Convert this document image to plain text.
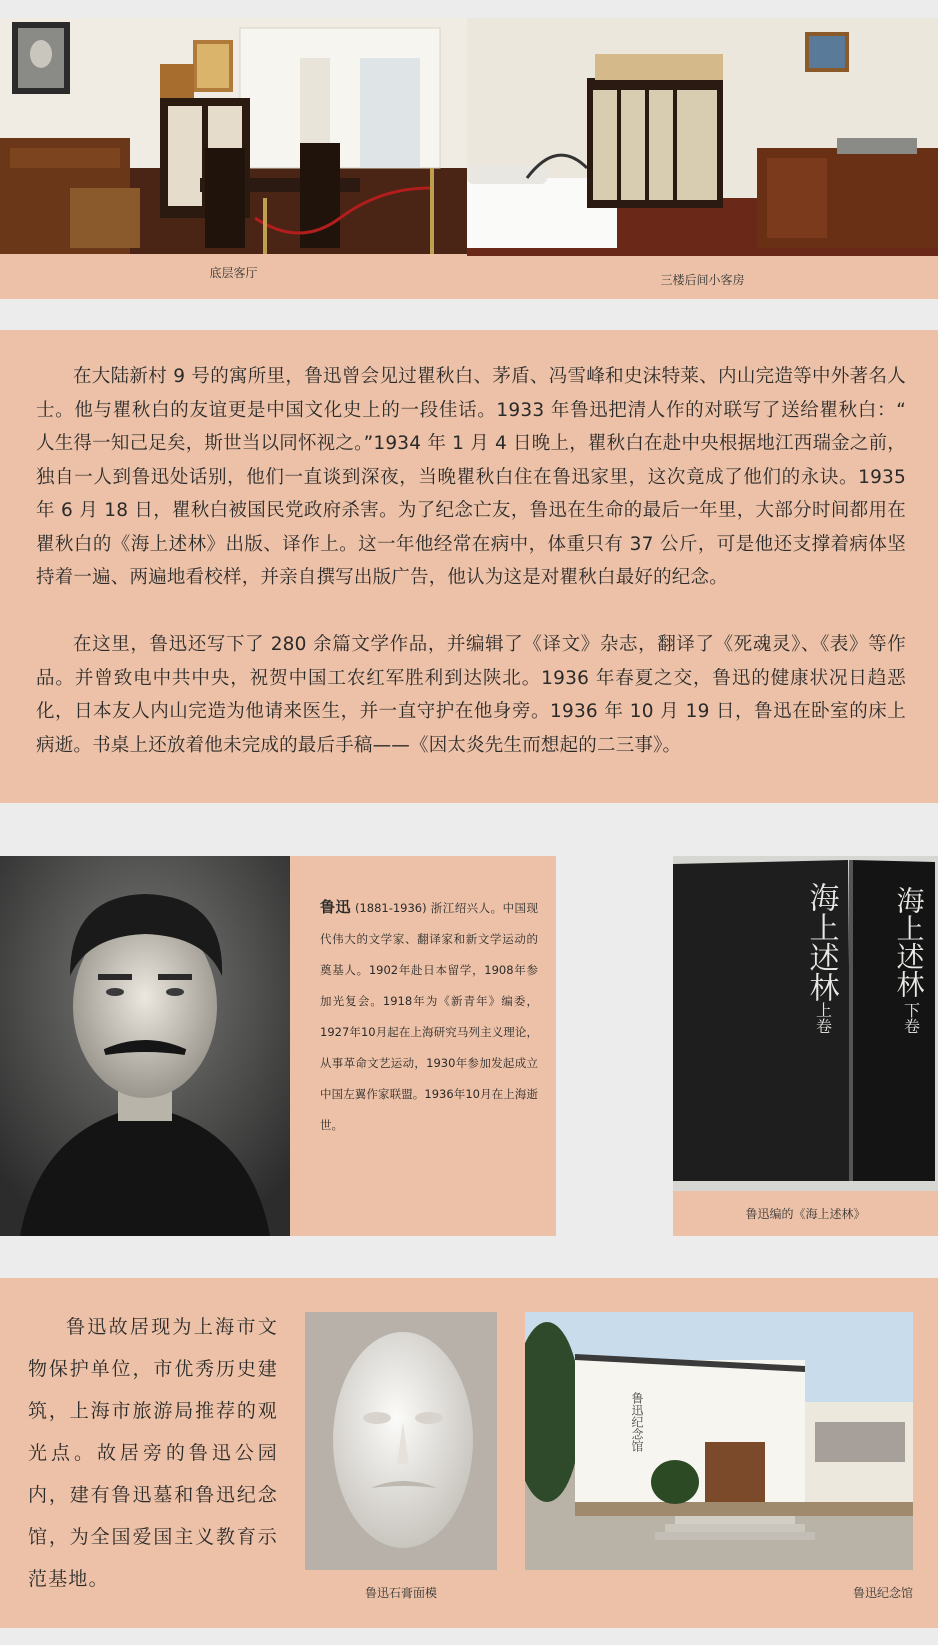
底层客厅	三楼后间小客房

在大陆新村 9 号的寓所里，鲁迅曾会见过瞿秋白、茅盾、冯雪峰和史沫特莱、内山完造等中外著名人士。他与瞿秋白的友谊更是中国文化史上的一段佳话。1933 年鲁迅把清人作的对联写了送给瞿秋白：“ 人生得一知己足矣，斯世当以同怀视之。”1934 年 1 月 4 日晚上，瞿秋白在赴中央根据地江西瑞金之前，独自一人到鲁迅处话别，他们一直谈到深夜，当晚瞿秋白住在鲁迅家里，这次竟成了他们的永诀。1935 年 6 月 18 日，瞿秋白被国民党政府杀害。为了纪念亡友，鲁迅在生命的最后一年里，大部分时间都用在瞿秋白的《海上述林》出版、译作上。这一年他经常在病中，体重只有 37 公斤，可是他还支撑着病体坚持着一遍、两遍地看校样，并亲自撰写出版广告，他认为这是对瞿秋白最好的纪念。

在这里，鲁迅还写下了 280 余篇文学作品，并编辑了《译文》杂志，翻译了《死魂灵》、《表》等作品。并曾致电中共中央，祝贺中国工农红军胜利到达陕北。1936 年春夏之交，鲁迅的健康状况日趋恶化，日本友人内山完造为他请来医生，并一直守护在他身旁。1936 年 10 月 19 日，鲁迅在卧室的床上病逝。书桌上还放着他未完成的最后手稿——《因太炎先生而想起的二三事》。

鲁迅 (1881-1936) 浙江绍兴人。中国现代伟大的文学家、翻译家和新文学运动的奠基人。1902年赴日本留学，1908年参加光复会。1918年为《新青年》编委，1927年10月起在上海研究马列主义理论，从事革命文艺运动，1930年参加发起成立中国左翼作家联盟。1936年10月在上海逝世。
海上述林
上卷
海上述林
下卷
鲁迅编的《海上述林》
鲁迅故居现为上海市文物保护单位，市优秀历史建筑，上海市旅游局推荐的观光点。故居旁的鲁迅公园内，建有鲁迅墓和鲁迅纪念馆，为全国爱国主义教育示范基地。
鲁迅石膏面模
鲁迅纪念馆
鲁迅纪念馆
